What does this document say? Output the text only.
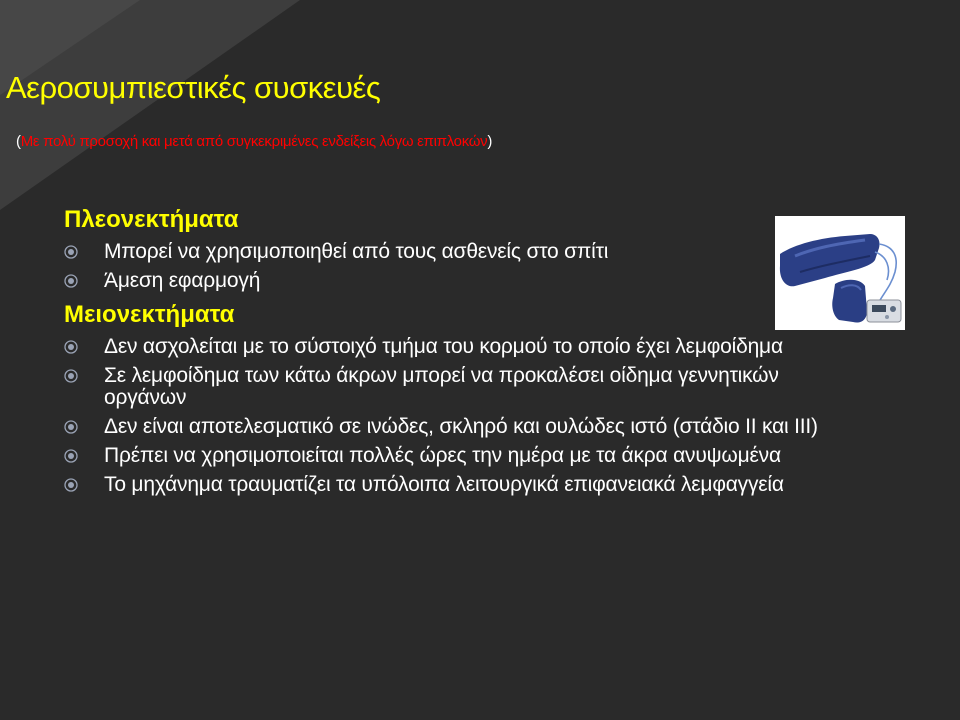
Αεροσυμπιεστικές συσκευές
(Με πολύ προσοχή και μετά από συγκεκριμένες ενδείξεις λόγω επιπλοκών)
Πλεονεκτήματα
Μπορεί να χρησιμοποιηθεί από τους ασθενείς στο σπίτι
Άμεση εφαρμογή
Μειονεκτήματα
Δεν ασχολείται με το σύστοιχό τμήμα του κορμού το οποίο έχει λεμφοίδημα
Σε λεμφοίδημα των κάτω άκρων μπορεί να προκαλέσει οίδημα γεννητικών οργάνων
Δεν είναι αποτελεσματικό σε ινώδες, σκληρό και ουλώδες ιστό (στάδιο ΙΙ και ΙΙΙ)
Πρέπει να χρησιμοποιείται πολλές ώρες την ημέρα με τα άκρα ανυψωμένα
Το μηχάνημα τραυματίζει τα υπόλοιπα λειτουργικά επιφανειακά λεμφαγγεία
